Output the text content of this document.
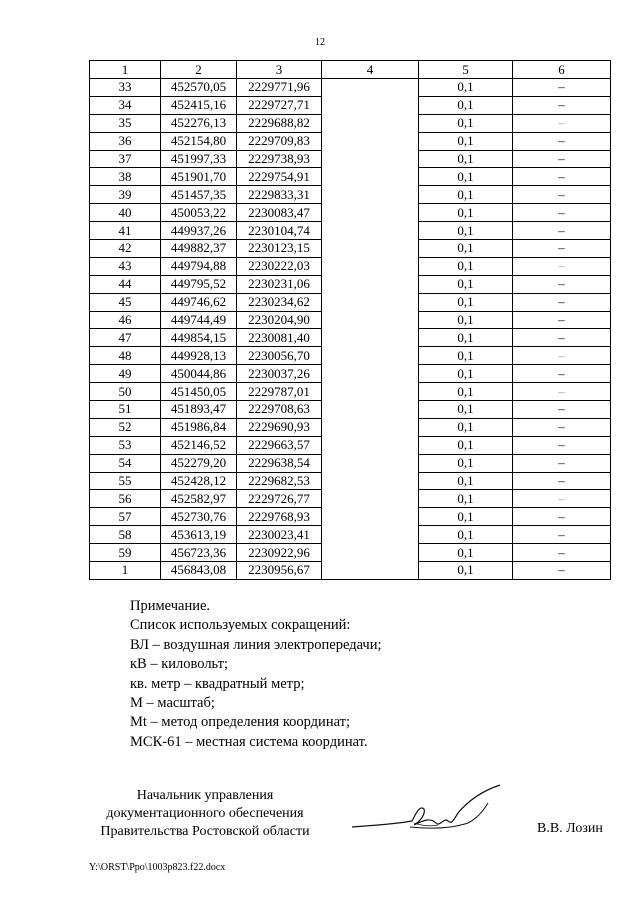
12
1	2	3	4	5	6
33	452570,05	2229771,96		0,1	–
34	452415,16	2229727,71		0,1	–
35	452276,13	2229688,82		0,1	–
36	452154,80	2229709,83		0,1	–
37	451997,33	2229738,93		0,1	–
38	451901,70	2229754,91		0,1	–
39	451457,35	2229833,31		0,1	–
40	450053,22	2230083,47		0,1	–
41	449937,26	2230104,74		0,1	–
42	449882,37	2230123,15		0,1	–
43	449794,88	2230222,03		0,1	–
44	449795,52	2230231,06		0,1	–
45	449746,62	2230234,62		0,1	–
46	449744,49	2230204,90		0,1	–
47	449854,15	2230081,40		0,1	–
48	449928,13	2230056,70		0,1	–
49	450044,86	2230037,26		0,1	–
50	451450,05	2229787,01		0,1	–
51	451893,47	2229708,63		0,1	–
52	451986,84	2229690,93		0,1	–
53	452146,52	2229663,57		0,1	–
54	452279,20	2229638,54		0,1	–
55	452428,12	2229682,53		0,1	–
56	452582,97	2229726,77		0,1	–
57	452730,76	2229768,93		0,1	–
58	453613,19	2230023,41		0,1	–
59	456723,36	2230922,96		0,1	–
1	456843,08	2230956,67		0,1	–
Примечание.
Список используемых сокращений:
ВЛ – воздушная линия электропередачи;
кВ – киловольт;
кв. метр – квадратный метр;
М – масштаб;
Mt – метод определения координат;
МСК-61 – местная система координат.
Начальник управления
документационного обеспечения
Правительства Ростовской области	В.В. Лозин
Y:\ORST\Ppo\1003p823.f22.docx
